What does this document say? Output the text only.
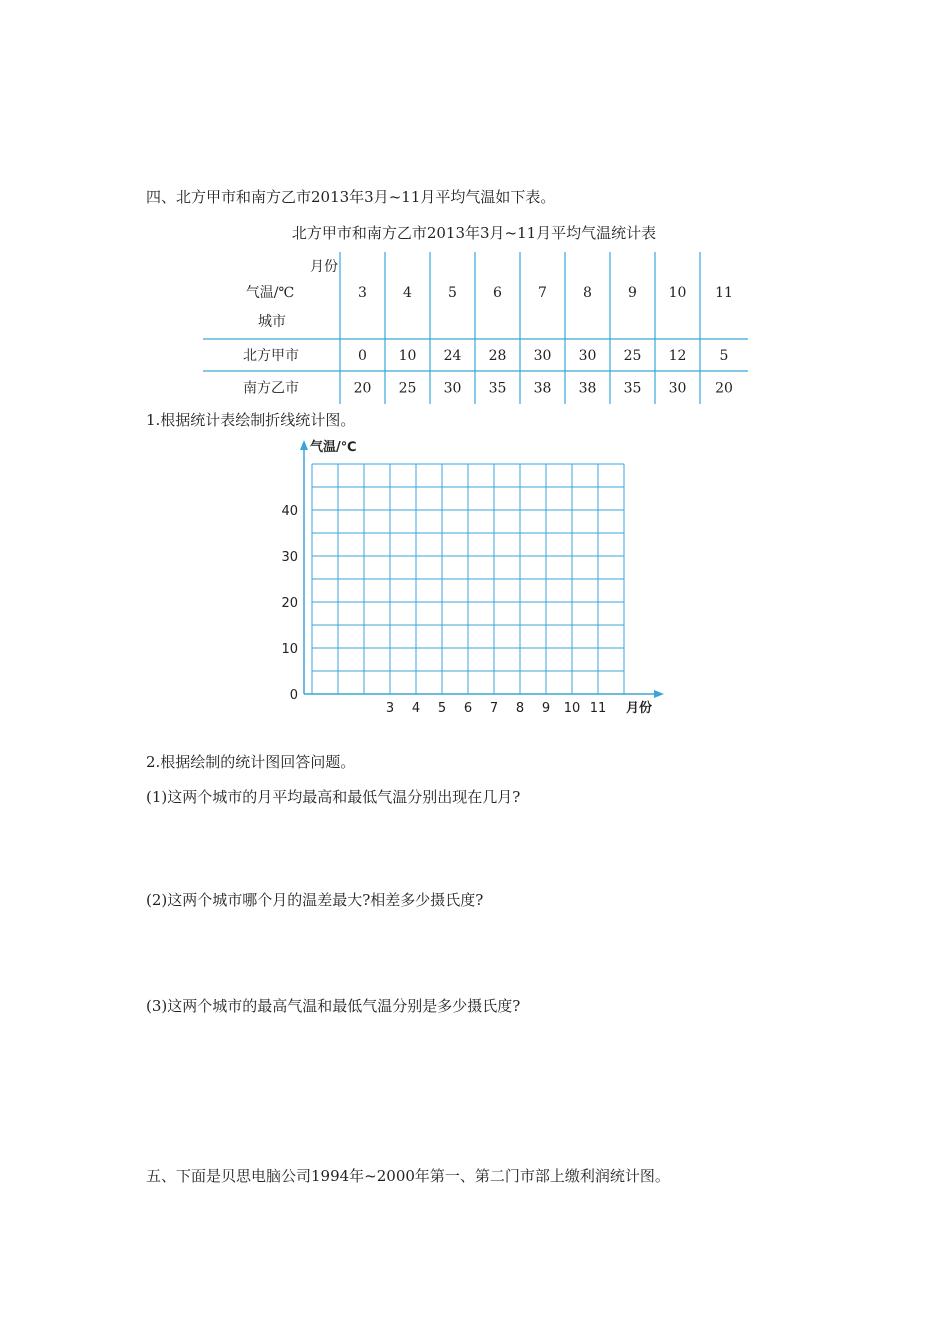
四、北方甲市和南方乙市2013年3月~11月平均气温如下表。
北方甲市和南方乙市2013年3月~11月平均气温统计表
月份
气温/℃
城市
3	4	5	6	7	8	9 10 11
北方甲市	0 10 24 28 30 30 25 12 5
南方乙市	20 25 30 35 38 38 35 30 20
1.根据统计表绘制折线统计图。
气温/℃
月份
0
10
20
30
40
3 4 5 6 7 8 9 10 11
2.根据绘制的统计图回答问题。
(1)这两个城市的月平均最高和最低气温分别出现在几月?
(2)这两个城市哪个月的温差最大?相差多少摄氏度?
(3)这两个城市的最高气温和最低气温分别是多少摄氏度?
五、下面是贝思电脑公司1994年~2000年第一、第二门市部上缴利润统计图。
